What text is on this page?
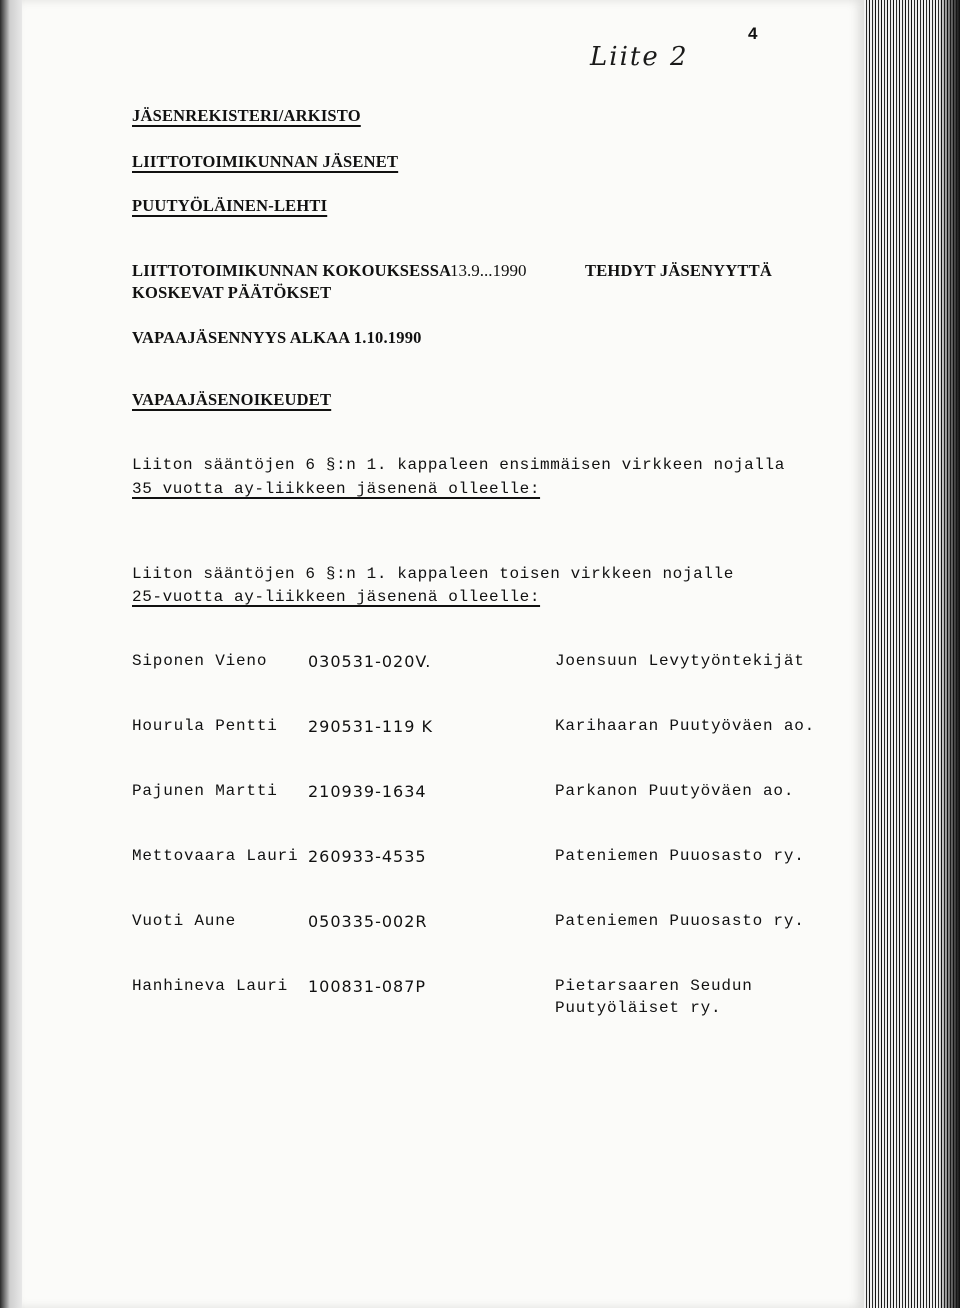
4
Liite 2
JÄSENREKISTERI/ARKISTO
LIITTOTOIMIKUNNAN JÄSENET
PUUTYÖLÄINEN-LEHTI
LIITTOTOIMIKUNNAN KOKOUKSESSA
13.9...1990	TEHDYT JÄSENYYTTÄ
KOSKEVAT PÄÄTÖKSET
VAPAAJÄSENNYYS ALKAA 1.10.1990
VAPAAJÄSENOIKEUDET
Liiton sääntöjen 6 §:n 1. kappaleen ensimmäisen virkkeen nojalla
35 vuotta ay-liikkeen jäsenenä olleelle:
Liiton sääntöjen 6 §:n 1. kappaleen toisen virkkeen nojalle
25-vuotta ay-liikkeen jäsenenä olleelle:
Siponen Vieno	030531-020V.	Joensuun Levytyöntekijät
Hourula Pentti 290531-119 K	Karihaaran Puutyöväen ao.
Pajunen Martti 210939-1634	Parkanon Puutyöväen ao.
Mettovaara Lauri 260933-4535	Pateniemen Puuosasto ry.
Vuoti Aune	050335-002R	Pateniemen Puuosasto ry.
Hanhineva Lauri 100831-087P	Pietarsaaren Seudun
Puutyöläiset ry.
